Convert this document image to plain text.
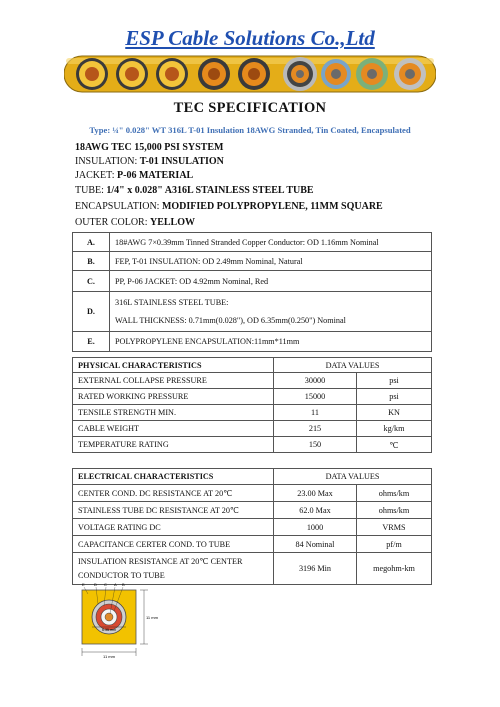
ESP Cable Solutions Co.,Ltd
TEC SPECIFICATION
Type: ¼" 0.028" WT 316L T-01 Insulation 18AWG Stranded, Tin Coated, Encapsulated
18AWG TEC 15,000 PSI SYSTEM
INSULATION: T-01 INSULATION
JACKET: P-06 MATERIAL
TUBE: 1/4" x 0.028" A316L STAINLESS STEEL TUBE
ENCAPSULATION: MODIFIED POLYPROPYLENE, 11MM SQUARE
OUTER COLOR: YELLOW
A.	18#AWG 7×0.39mm Tinned Stranded Copper Conductor: OD 1.16mm Nominal
B.	FEP, T-01 INSULATION: OD 2.49mm Nominal, Natural
C.	PP, P-06 JACKET: OD 4.92mm Nominal, Red
D.	316L STAINLESS STEEL TUBE:
WALL THICKNESS: 0.71mm(0.028"), OD 6.35mm(0.250") Nominal

E.	POLYPROPYLENE ENCAPSULATION:11mm*11mm
PHYSICAL CHARACTERISTICS	DATA VALUES	
EXTERNAL COLLAPSE PRESSURE	30000	psi
RATED WORKING PRESSURE	15000	psi
TENSILE STRENGTH MIN.	11	KN
CABLE WEIGHT	215	kg/km
TEMPERATURE RATING	150	℃
ELECTRICAL CHARACTERISTICS	DATA VALUES	
CENTER COND. DC RESISTANCE AT 20℃	23.00 Max	ohms/km
STAINLESS TUBE DC RESISTANCE AT 20℃	62.0 Max	ohms/km
VOLTAGE RATING DC	1000	VRMS
CAPACITANCE CERTER COND. TO TUBE	84 Nominal	pf/m

INSULATION RESISTANCE AT 20℃ CENTER
CONDUCTOR TO TUBE	3196 Min	megohm-km
6.35 mm
E D C A B
11 mm
11 mm
